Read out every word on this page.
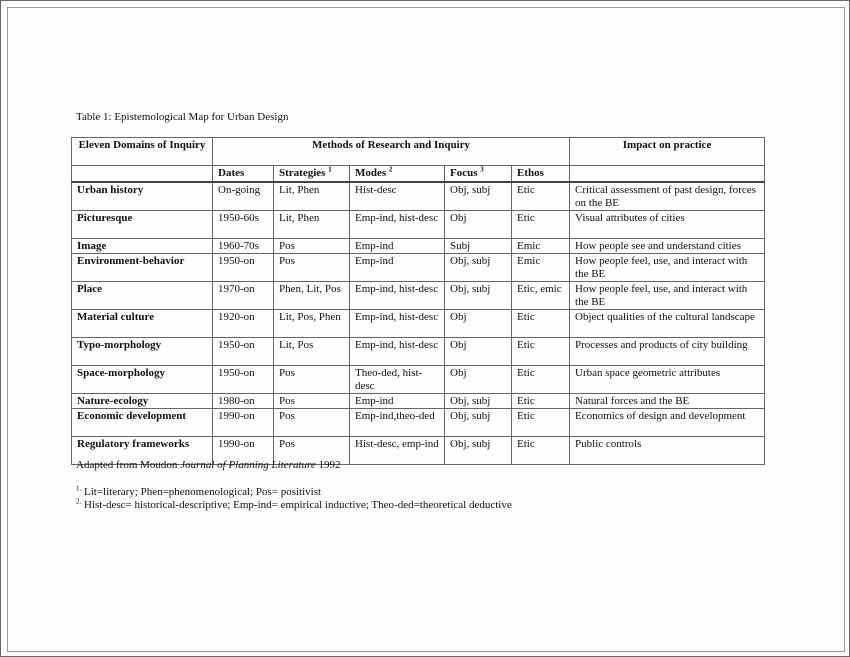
Table 1: Epistemological Map for Urban Design
Eleven Domains of Inquiry	Methods of Research and Inquiry					Impact on practice
	Dates	Strategies $^1$	Modes $^2$	Focus $^3$	Ethos	
Urban history	On-going	Lit, Phen	Hist-desc	Obj, subj	Etic	Critical assessment of past design, forces on the BE
Picturesque	1950-60s	Lit, Phen	Emp-ind, hist-desc	Obj	Etic	Visual attributes of cities
Image	1960-70s	Pos	Emp-ind	Subj	Emic	How people see and understand cities
Environment-behavior	1950-on	Pos	Emp-ind	Obj, subj	Emic	How people feel, use, and interact with the BE
Place	1970-on	Phen, Lit, Pos	Emp-ind, hist-desc	Obj, subj	Etic, emic	How people feel, use, and interact with the BE
Material culture	1920-on	Lit, Pos, Phen	Emp-ind, hist-desc	Obj	Etic	Object qualities of the cultural landscape
Typo-morphology	1950-on	Lit, Pos	Emp-ind, hist-desc	Obj	Etic	Processes and products of city building
Space-morphology	1950-on	Pos	Theo-ded, hist-desc	Obj	Etic	Urban space geometric attributes
Nature-ecology	1980-on	Pos	Emp-ind	Obj, subj	Etic	Natural forces and the BE
Economic development	1990-on	Pos	Emp-ind,theo-ded	Obj, subj	Etic	Economics of design and development
Regulatory frameworks	1990-on	Pos	Hist-desc, emp-ind	Obj, subj	Etic	Public controls
Adapted from Moudon Journal of Planning Literature 1992
$^{1.}$ Lit=literary; Phen=phenomenological; Pos= positivist
$^{2.}$ Hist-desc= historical-descriptive; Emp-ind= empirical inductive; Theo-ded=theoretical deductive
